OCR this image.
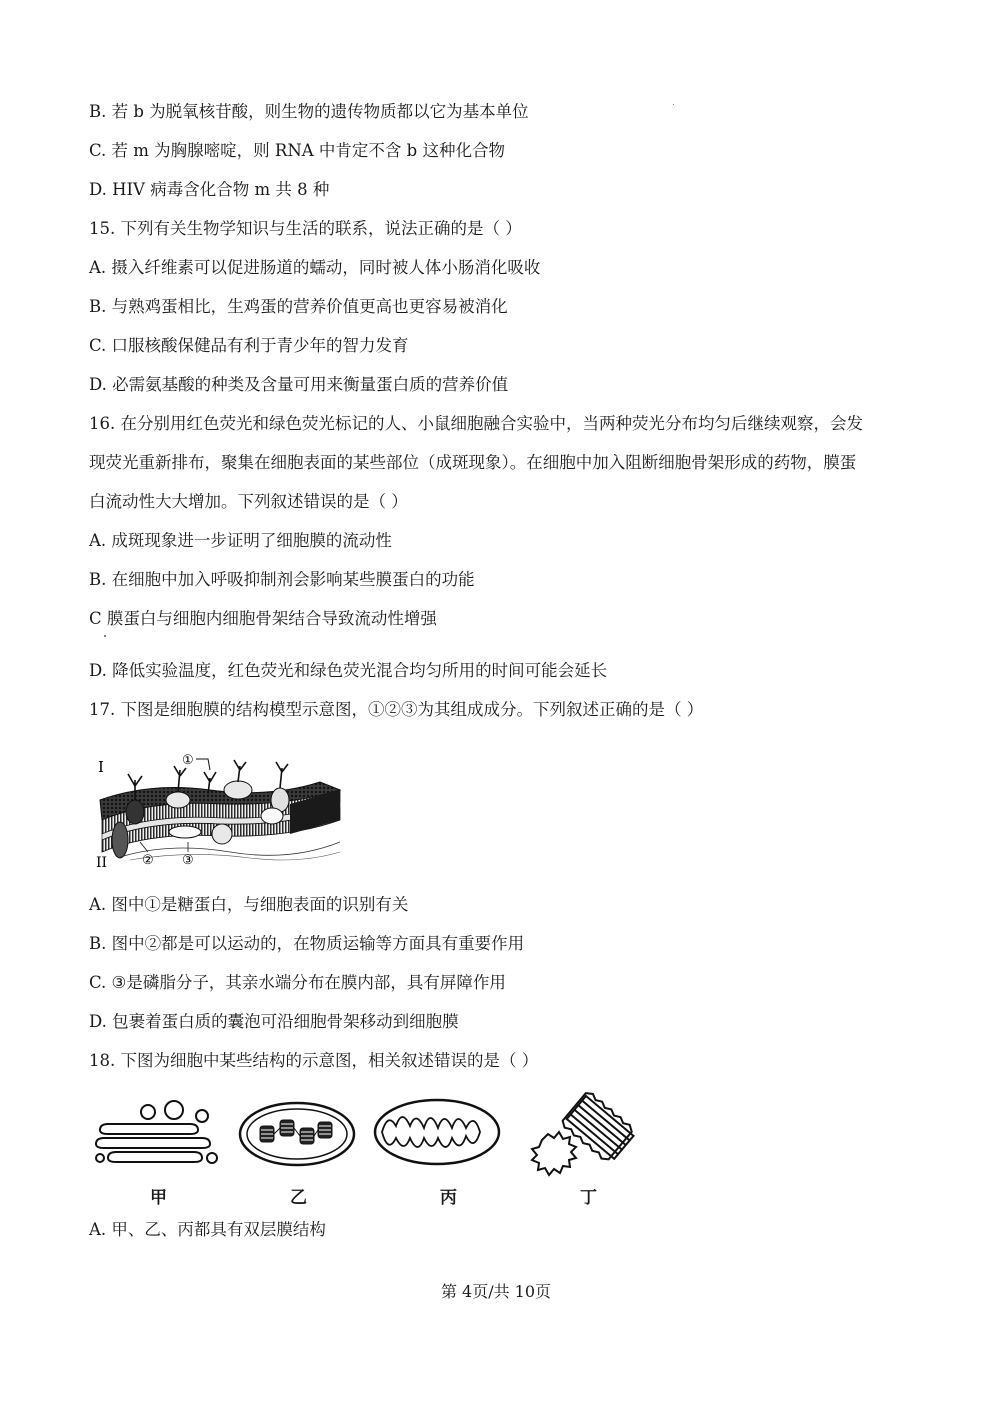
B. 若 b 为脱氧核苷酸，则生物的遗传物质都以它为基本单位
C. 若 m 为胸腺嘧啶，则 RNA 中肯定不含 b 这种化合物
D. HIV 病毒含化合物 m 共 8 种
15. 下列有关生物学知识与生活的联系，说法正确的是（ ）
A. 摄入纤维素可以促进肠道的蠕动，同时被人体小肠消化吸收
B. 与熟鸡蛋相比，生鸡蛋的营养价值更高也更容易被消化
C. 口服核酸保健品有利于青少年的智力发育
D. 必需氨基酸的种类及含量可用来衡量蛋白质的营养价值
16. 在分别用红色荧光和绿色荧光标记的人、小鼠细胞融合实验中，当两种荧光分布均匀后继续观察，会发
现荧光重新排布，聚集在细胞表面的某些部位（成斑现象）。在细胞中加入阻断细胞骨架形成的药物，膜蛋
白流动性大大增加。下列叙述错误的是（ ）
A. 成斑现象进一步证明了细胞膜的流动性
B. 在细胞中加入呼吸抑制剂会影响某些膜蛋白的功能
C 膜蛋白与细胞内细胞骨架结合导致流动性增强
D. 降低实验温度，红色荧光和绿色荧光混合均匀所用的时间可能会延长
17. 下图是细胞膜的结构模型示意图，①②③为其组成成分。下列叙述正确的是（ ）
I
II
①
② ③
A. 图中①是糖蛋白，与细胞表面的识别有关
B. 图中②都是可以运动的，在物质运输等方面具有重要作用
C. ③是磷脂分子，其亲水端分布在膜内部，具有屏障作用
D. 包裹着蛋白质的囊泡可沿细胞骨架移动到细胞膜
18. 下图为细胞中某些结构的示意图，相关叙述错误的是（ ）
甲	乙	丙	丁
A. 甲、乙、丙都具有双层膜结构
第 4页/共 10页
